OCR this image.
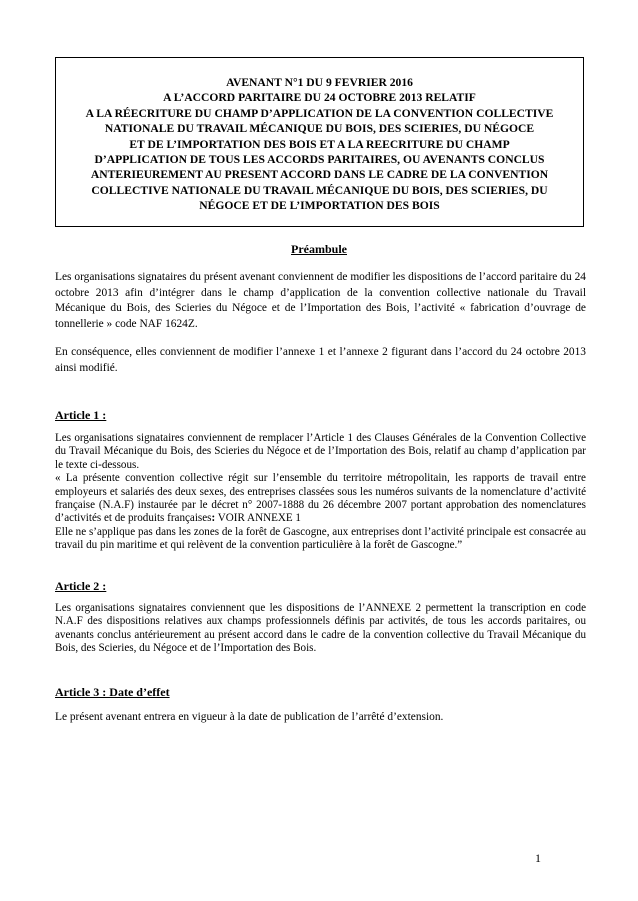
AVENANT N°1 DU 9 FEVRIER 2016
A L’ACCORD PARITAIRE DU 24 OCTOBRE 2013 RELATIF
A LA RÉECRITURE DU CHAMP D’APPLICATION DE LA CONVENTION COLLECTIVE
NATIONALE DU TRAVAIL MÉCANIQUE DU BOIS, DES SCIERIES, DU NÉGOCE
ET DE L’IMPORTATION DES BOIS ET A LA REECRITURE DU CHAMP
D’APPLICATION DE TOUS LES ACCORDS PARITAIRES, OU AVENANTS CONCLUS
ANTERIEUREMENT AU PRESENT ACCORD DANS LE CADRE DE LA CONVENTION
COLLECTIVE NATIONALE DU TRAVAIL MÉCANIQUE DU BOIS, DES SCIERIES, DU
NÉGOCE ET DE L’IMPORTATION DES BOIS
Préambule
Les organisations signataires du présent avenant conviennent de modifier les dispositions de l’accord paritaire du 24 octobre 2013 afin d’intégrer dans le champ d’application de la convention collective nationale du Travail Mécanique du Bois, des Scieries du Négoce et de l’Importation des Bois, l’activité « fabrication d’ouvrage de tonnellerie » code NAF 1624Z.
En conséquence, elles conviennent de modifier l’annexe 1 et l’annexe 2 figurant dans l’accord du 24 octobre 2013 ainsi modifié.
Article 1 :
Les organisations signataires conviennent de remplacer l’Article 1 des Clauses Générales de la Convention Collective du Travail Mécanique du Bois, des Scieries du Négoce et de l’Importation des Bois, relatif au champ d’application par le texte ci-dessous.
« La présente convention collective régit sur l’ensemble du territoire métropolitain, les rapports de travail entre employeurs et salariés des deux sexes, des entreprises classées sous les numéros suivants de la nomenclature d’activité française (N.A.F) instaurée par le décret n° 2007-1888 du 26 décembre 2007 portant approbation des nomenclatures d’activités et de produits françaises: VOIR ANNEXE 1
Elle ne s’applique pas dans les zones de la forêt de Gascogne, aux entreprises dont l’activité principale est consacrée au travail du pin maritime et qui relèvent de la convention particulière à la forêt de Gascogne.”
Article 2 :
Les organisations signataires conviennent que les dispositions de l’ANNEXE 2 permettent la transcription en code N.A.F des dispositions relatives aux champs professionnels définis par activités, de tous les accords paritaires, ou avenants conclus antérieurement au présent accord dans le cadre de la convention collective du Travail Mécanique du Bois, des Scieries, du Négoce et de l’Importation des Bois.
Article 3 : Date d’effet
Le présent avenant entrera en vigueur à la date de publication de l’arrêté d’extension.
1
